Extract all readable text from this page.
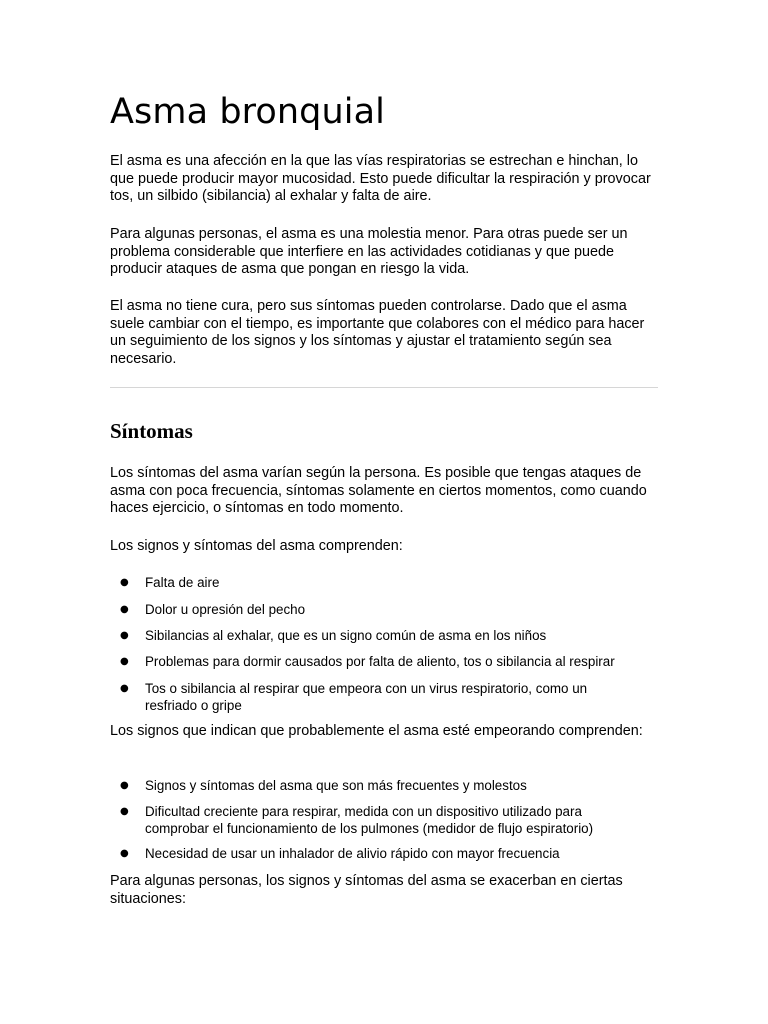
Asma bronquial

El asma es una afección en la que las vías respiratorias se estrechan e hinchan, lo que puede producir mayor mucosidad. Esto puede dificultar la respiración y provocar tos, un silbido (sibilancia) al exhalar y falta de aire.

Para algunas personas, el asma es una molestia menor. Para otras puede ser un problema considerable que interfiere en las actividades cotidianas y que puede producir ataques de asma que pongan en riesgo la vida.

El asma no tiene cura, pero sus síntomas pueden controlarse. Dado que el asma suele cambiar con el tiempo, es importante que colabores con el médico para hacer un seguimiento de los signos y los síntomas y ajustar el tratamiento según sea necesario.

Síntomas

Los síntomas del asma varían según la persona. Es posible que tengas ataques de asma con poca frecuencia, síntomas solamente en ciertos momentos, como cuando haces ejercicio, o síntomas en todo momento.

Los signos y síntomas del asma comprenden:

● Falta de aire
● Dolor u opresión del pecho
● Sibilancias al exhalar, que es un signo común de asma en los niños
● Problemas para dormir causados por falta de aliento, tos o sibilancia al respirar
● Tos o sibilancia al respirar que empeora con un virus respiratorio, como un resfriado o gripe

Los signos que indican que probablemente el asma esté empeorando comprenden:

● Signos y síntomas del asma que son más frecuentes y molestos
● Dificultad creciente para respirar, medida con un dispositivo utilizado para comprobar el funcionamiento de los pulmones (medidor de flujo espiratorio)
● Necesidad de usar un inhalador de alivio rápido con mayor frecuencia

Para algunas personas, los signos y síntomas del asma se exacerban en ciertas situaciones:
